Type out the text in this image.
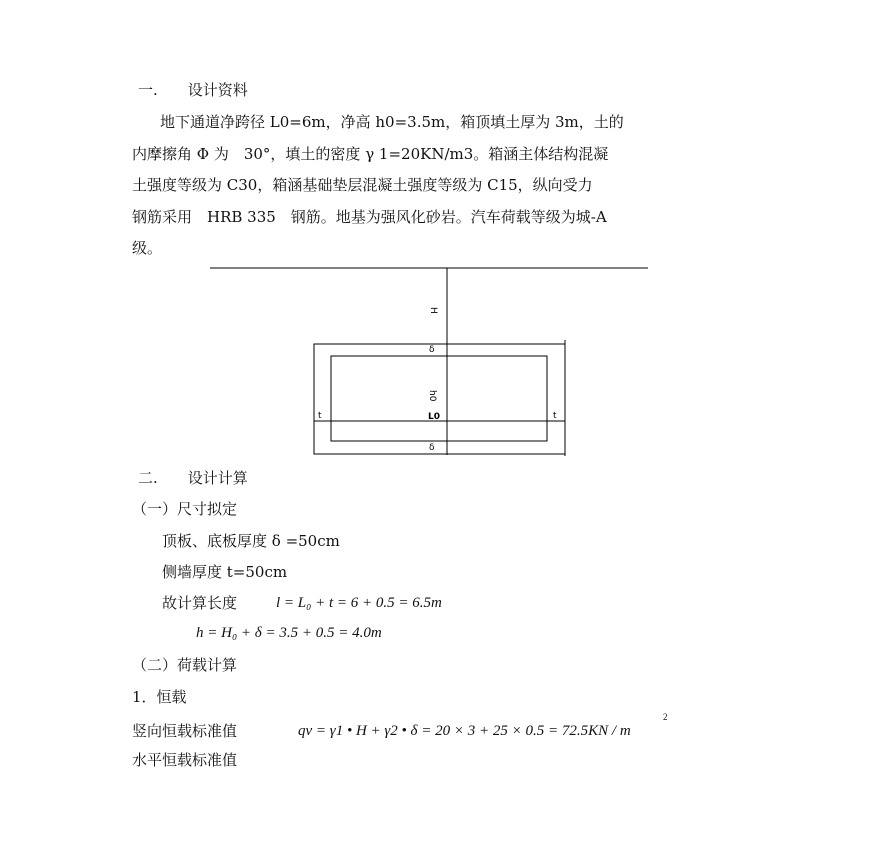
一.　　设计资料
地下通道净跨径 L0=6m，净高 h0=3.5m，箱顶填土厚为 3m，土的
内摩擦角 Φ 为　30°，填土的密度 γ 1=20KN/m3。箱涵主体结构混凝
土强度等级为 C30，箱涵基础垫层混凝土强度等级为 C15，纵向受力
钢筋采用　HRB 335　钢筋。地基为强风化砂岩。汽车荷载等级为城-A
级。
H
δ
h0
δ
t	L0	t
二.　　设计计算
（一）尺寸拟定
顶板、底板厚度 δ =50cm
侧墙厚度 t=50cm
故计算长度	l = L₀ + t = 6 + 0.5 = 6.5m
h = H₀ + δ = 3.5 + 0.5 = 4.0m
（二）荷载计算
1．恒载
竖向恒载标准值	qv = γ1 • H + γ2 • δ = 20 × 3 + 25 × 0.5 = 72.5KN / m
2
水平恒载标准值
